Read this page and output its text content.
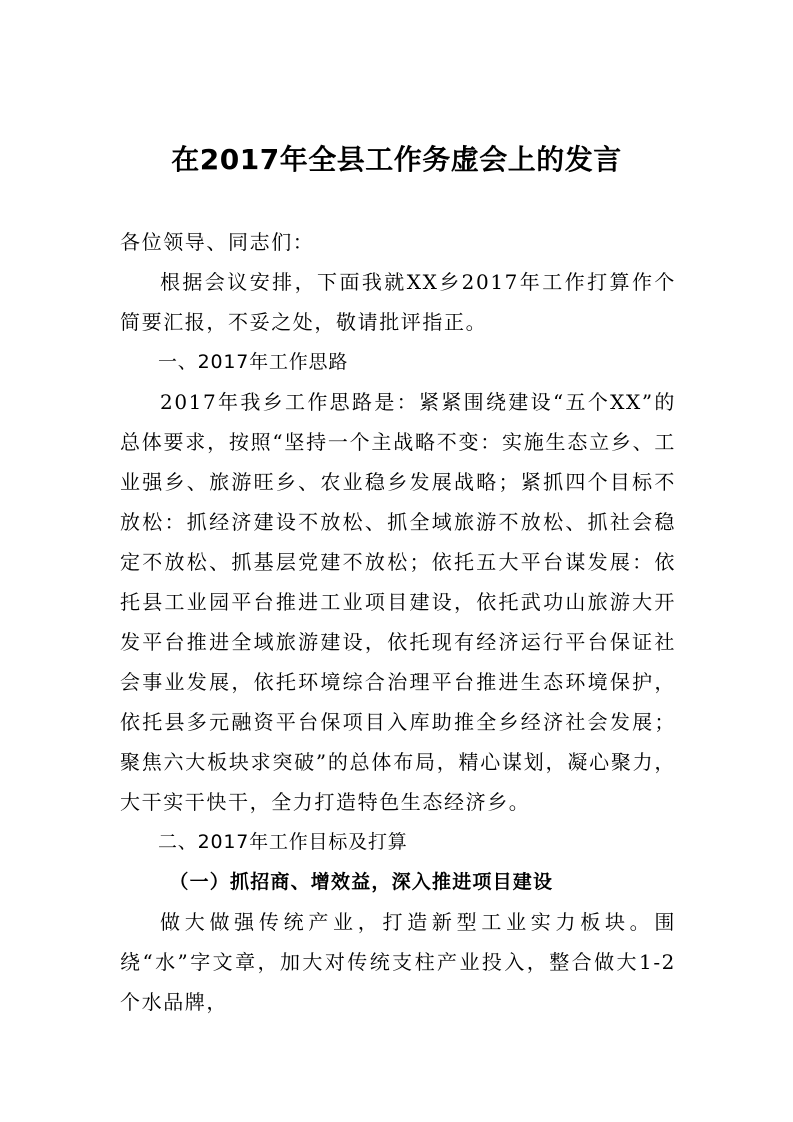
在2017年全县工作务虚会上的发言

各位领导、同志们：

根据会议安排，下面我就XX乡2017年工作打算作个简要汇报，不妥之处，敬请批评指正。

一、2017年工作思路

2017年我乡工作思路是：紧紧围绕建设“五个XX”的总体要求，按照“坚持一个主战略不变：实施生态立乡、工业强乡、旅游旺乡、农业稳乡发展战略；紧抓四个目标不放松：抓经济建设不放松、抓全域旅游不放松、抓社会稳定不放松、抓基层党建不放松；依托五大平台谋发展：依托县工业园平台推进工业项目建设，依托武功山旅游大开发平台推进全域旅游建设，依托现有经济运行平台保证社会事业发展，依托环境综合治理平台推进生态环境保护，依托县多元融资平台保项目入库助推全乡经济社会发展；聚焦六大板块求突破”的总体布局，精心谋划，凝心聚力，大干实干快干，全力打造特色生态经济乡。

二、2017年工作目标及打算

（一）抓招商、增效益，深入推进项目建设

做大做强传统产业，打造新型工业实力板块。围绕“水”字文章，加大对传统支柱产业投入，整合做大1-2个水品牌，
